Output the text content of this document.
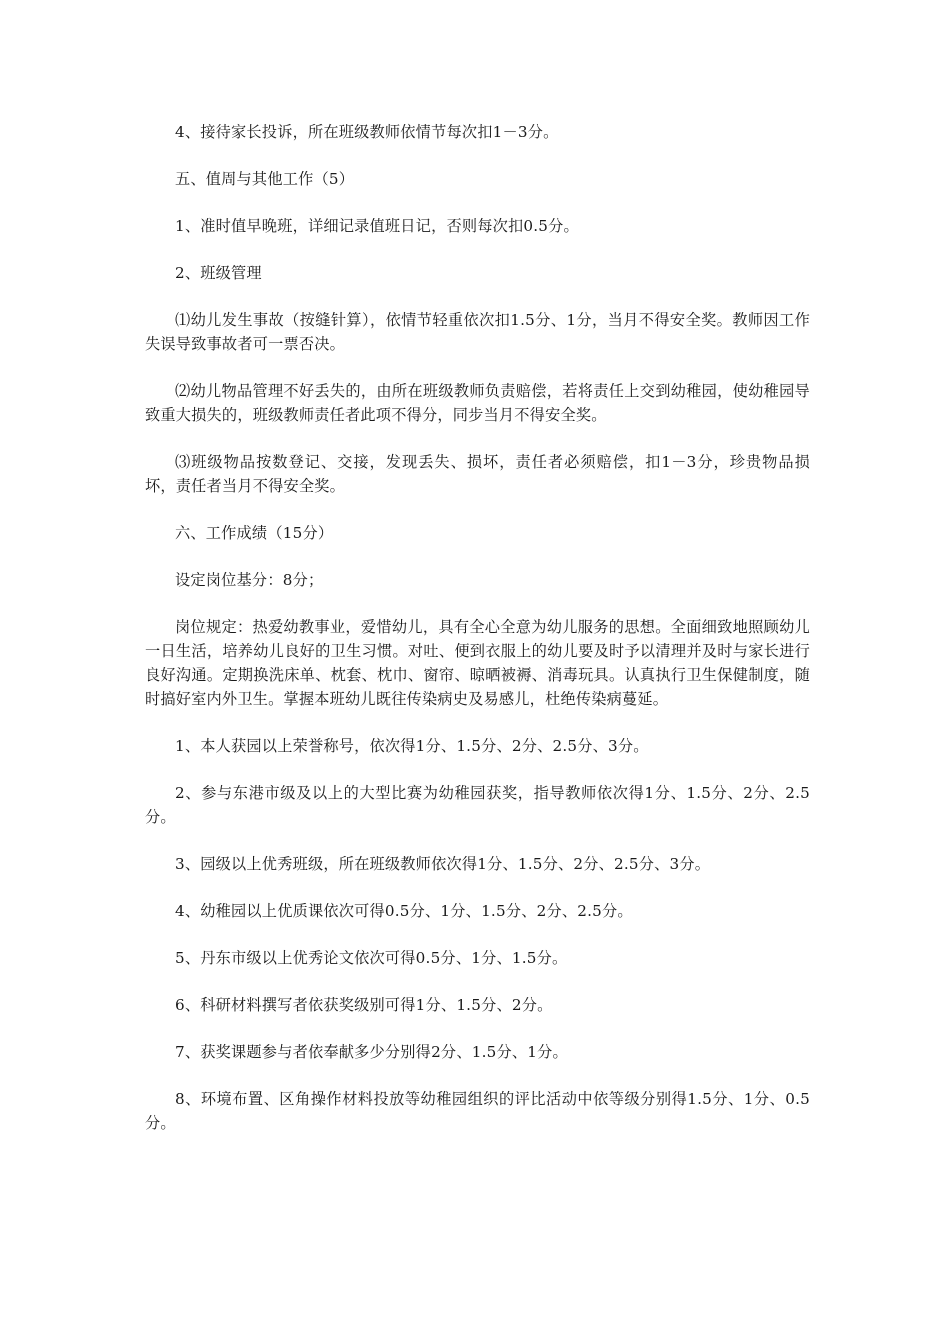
4、接待家长投诉，所在班级教师依情节每次扣1－3分。

五、值周与其他工作（5）

1、准时值早晚班，详细记录值班日记，否则每次扣0.5分。

2、班级管理

⑴幼儿发生事故（按缝针算），依情节轻重依次扣1.5分、1分，当月不得安全奖。教师因工作失误导致事故者可一票否决。

⑵幼儿物品管理不好丢失的，由所在班级教师负责赔偿，若将责任上交到幼稚园，使幼稚园导致重大损失的，班级教师责任者此项不得分，同步当月不得安全奖。

⑶班级物品按数登记、交接，发现丢失、损坏，责任者必须赔偿，扣1－3分，珍贵物品损坏，责任者当月不得安全奖。

六、工作成绩（15分）

设定岗位基分：8分；

岗位规定：热爱幼教事业，爱惜幼儿，具有全心全意为幼儿服务的思想。全面细致地照顾幼儿一日生活，培养幼儿良好的卫生习惯。对吐、便到衣服上的幼儿要及时予以清理并及时与家长进行良好沟通。定期换洗床单、枕套、枕巾、窗帘、晾晒被褥、消毒玩具。认真执行卫生保健制度，随时搞好室内外卫生。掌握本班幼儿既往传染病史及易感儿，杜绝传染病蔓延。

1、本人获园以上荣誉称号，依次得1分、1.5分、2分、2.5分、3分。

2、参与东港市级及以上的大型比赛为幼稚园获奖，指导教师依次得1分、1.5分、2分、2.5分。

3、园级以上优秀班级，所在班级教师依次得1分、1.5分、2分、2.5分、3分。

4、幼稚园以上优质课依次可得0.5分、1分、1.5分、2分、2.5分。

5、丹东市级以上优秀论文依次可得0.5分、1分、1.5分。

6、科研材料撰写者依获奖级别可得1分、1.5分、2分。

7、获奖课题参与者依奉献多少分别得2分、1.5分、1分。

8、环境布置、区角操作材料投放等幼稚园组织的评比活动中依等级分别得1.5分、1分、0.5分。
